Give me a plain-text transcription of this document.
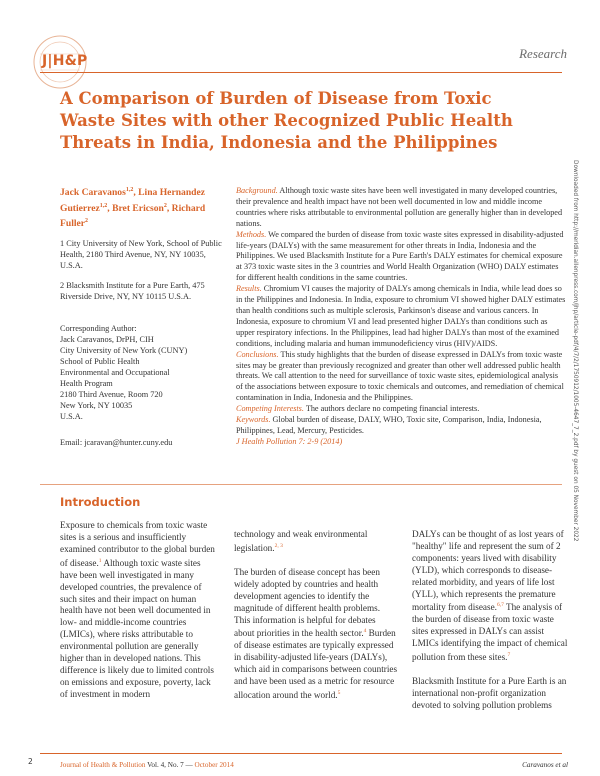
J|H&P	Research
A Comparison of Burden of Disease from Toxic Waste Sites with other Recognized Public Health Threats in India, Indonesia and the Philippines
Jack Caravanos$^{1,2}$, Lina Hernandez Gutierrez$^{1,2}$, Bret Ericson$^2$, Richard Fuller$^2$

1 City University of New York, School of Public Health, 2180 Third Avenue, NY, NY 10035, U.S.A.

2 Blacksmith Institute for a Pure Earth, 475 Riverside Drive, NY, NY 10115 U.S.A.

Corresponding Author:
Jack Caravanos, DrPH, CIH
City University of New York (CUNY)
School of Public Health
Environmental and Occupational
Health Program
2180 Third Avenue, Room 720
New York, NY 10035
U.S.A.
Email: jcaravan@hunter.cuny.edu

Background. Although toxic waste sites have been well investigated in many developed countries, their prevalence and health impact have not been well documented in low and middle income countries where risks attributable to environmental pollution are generally higher than in developed nations.

Methods. We compared the burden of disease from toxic waste sites expressed in disability-adjusted life-years (DALYs) with the same measurement for other threats in India, Indonesia and the Philippines. We used Blacksmith Institute for a Pure Earth's DALY estimates for chemical exposure at 373 toxic waste sites in the 3 countries and World Health Organization (WHO) DALY estimates for different health conditions in the same countries.

Results. Chromium VI causes the majority of DALYs among chemicals in India, while lead does so in the Philippines and Indonesia. In India, exposure to chromium VI showed higher DALY estimates than health conditions such as multiple sclerosis, Parkinson's disease and various cancers. In Indonesia, exposure to chromium VI and lead presented higher DALYs than conditions such as upper respiratory infections. In the Philippines, lead had higher DALYs than most of the examined conditions, including malaria and human immunodeficiency virus (HIV)/AIDS.

Conclusions. This study highlights that the burden of disease expressed in DALYs from toxic waste sites may be greater than previously recognized and greater than other well addressed public health threats. We call attention to the need for surveillance of toxic waste sites, epidemiological analysis of the associations between exposure to toxic chemicals and outcomes, and remediation of chemical contamination in India, Indonesia and the Philippines.

Competing Interests. The authors declare no competing financial interests.

Keywords. Global burden of disease, DALY, WHO, Toxic site, Comparison, India, Indonesia, Philippines, Lead, Mercury, Pesticides.

J Health Pollution 7: 2-9 (2014)

Introduction

Exposure to chemicals from toxic waste sites is a serious and insufficiently examined contributor to the global burden of disease.$^1$ Although toxic waste sites have been well investigated in many developed countries, the prevalence of such sites and their impact on human health have not been well documented in low- and middle-income countries (LMICs), where risks attributable to environmental pollution are generally higher than in developed nations. This difference is likely due to limited controls on emissions and exposure, poverty, lack of investment in modern

technology and weak environmental legislation.$^{2, 3}$

The burden of disease concept has been widely adopted by countries and health development agencies to identify the magnitude of different health problems. This information is helpful for debates about priorities in the health sector.$^4$ Burden of disease estimates are typically expressed in disability-adjusted life-years (DALYs), which aid in comparisons between countries and have been used as a metric for resource allocation around the world.$^5$

DALYs can be thought of as lost years of "healthy" life and represent the sum of 2 components: years lived with disability (YLD), which corresponds to disease-related morbidity, and years of life lost (YLL), which represents the premature mortality from disease.$^{6,7}$ The analysis of the burden of disease from toxic waste sites expressed in DALYs can assist LMICs identifying the impact of chemical pollution from these sites.$^7$

Blacksmith Institute for a Pure Earth is an international non-profit organization devoted to solving pollution problems

Downloaded from http://meridian.allenpress.com/jhp/article-pdf/4/7/2/1750912/1005-4647_7_2.pdf by guest on 05 November 2022
2	Journal of Health & Pollution Vol. 4, No. 7 — October 2014	Caravanos et al
